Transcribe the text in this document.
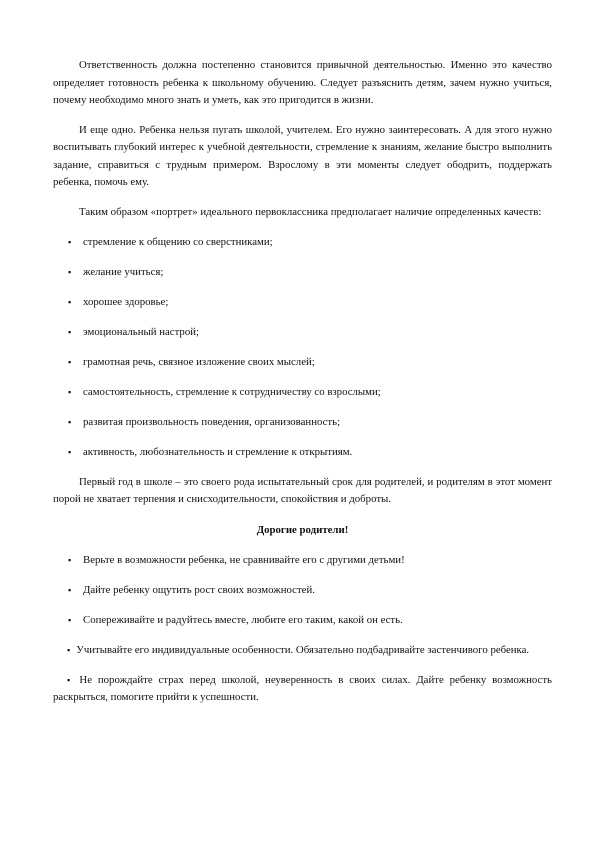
Ответственность должна постепенно становится привычной деятельностью. Именно это качество определяет готовность ребенка к школьному обучению. Следует разъяснить детям, зачем нужно учиться, почему необходимо много знать и уметь, как это пригодится в жизни.

И еще одно. Ребенка нельзя пугать школой, учителем. Его нужно заинтересовать. А для этого нужно воспитывать глубокий интерес к учебной деятельности, стремление к знаниям, желание быстро выполнить задание, справиться с трудным примером. Взрослому в эти моменты следует ободрить, поддержать ребенка, помочь ему.

Таким образом «портрет» идеального первоклассника предполагает наличие определенных качеств:

▪ стремление к общению со сверстниками;

▪ желание учиться;

▪ хорошее здоровье;

▪ эмоциональный настрой;

▪ грамотная речь, связное изложение своих мыслей;

▪ самостоятельность, стремление к сотрудничеству со взрослыми;

▪ развитая произвольность поведения, организованность;

▪ активность, любознательность и стремление к открытиям.

Первый год в школе – это своего рода испытательный срок для родителей, и родителям в этот момент порой не хватает терпения и снисходительности, спокойствия и доброты.

Дорогие родители!

▪ Верьте в возможности ребенка, не сравнивайте его с другими детьми!

▪ Дайте ребенку ощутить рост своих возможностей.

▪ Сопереживайте и радуйтесь вместе, любите его таким, какой он есть.

▪ Учитывайте его индивидуальные особенности. Обязательно подбадривайте застенчивого ребенка.

▪ Не порождайте страх перед школой, неуверенность в своих силах. Дайте ребенку возможность раскрыться, помогите прийти к успешности.
